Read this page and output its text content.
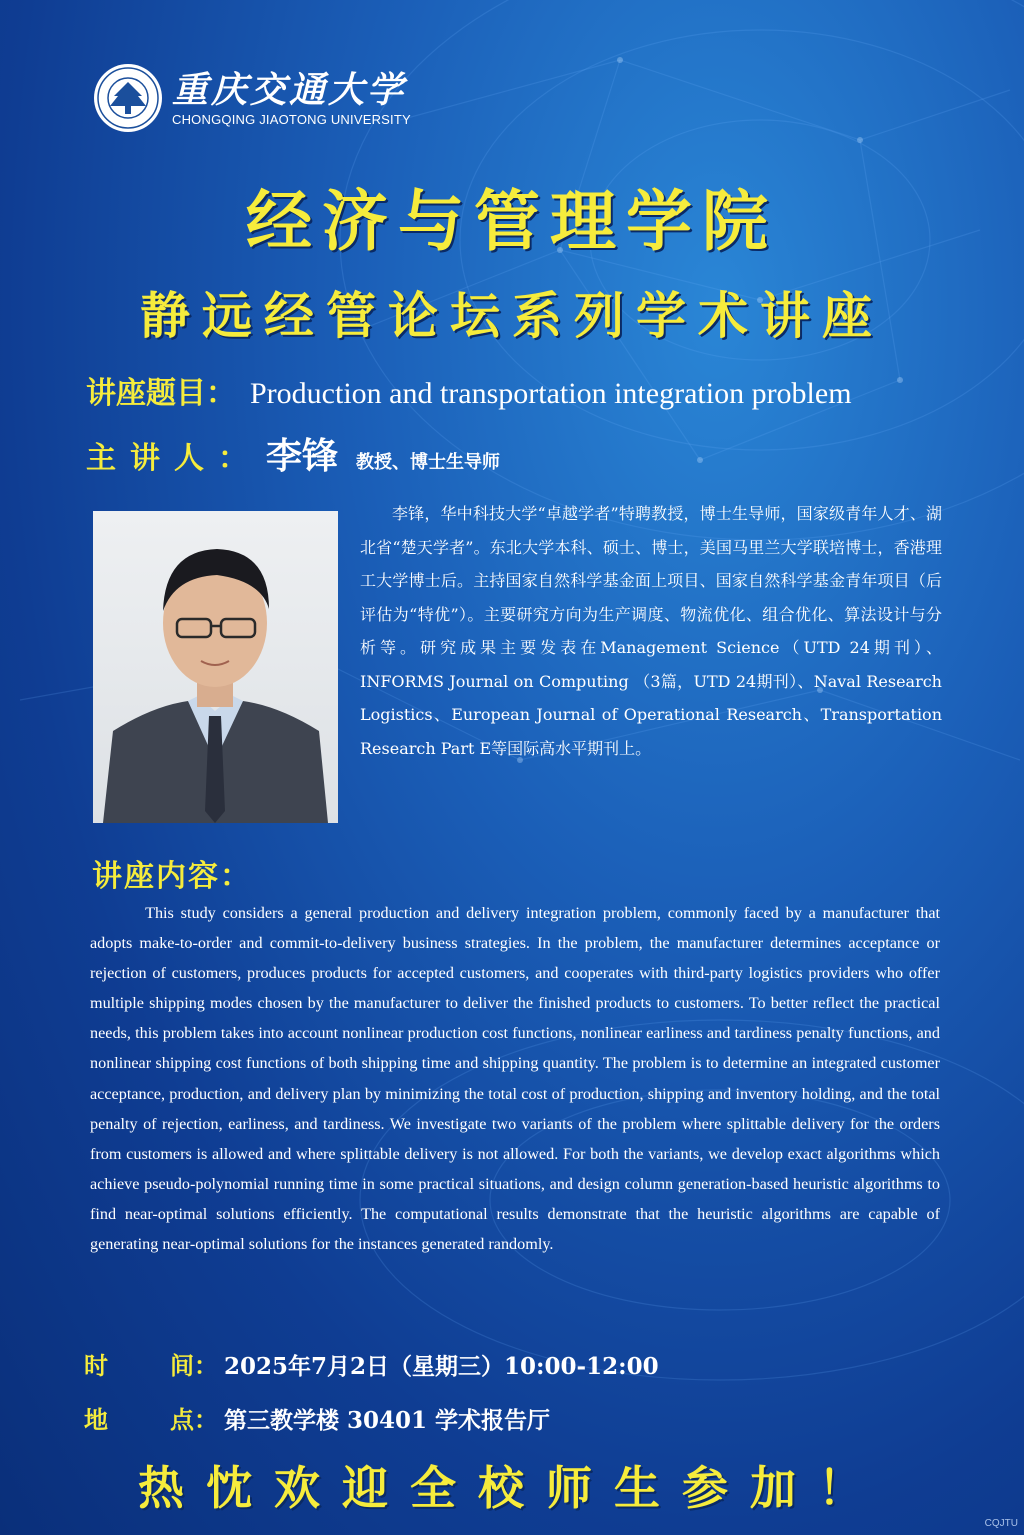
重庆交通大学
CHONGQING JIAOTONG UNIVERSITY
经济与管理学院
静远经管论坛系列学术讲座
讲座题目： Production and transportation integration problem
主讲人： 李锋 教授、博士生导师

李锋，华中科技大学“卓越学者”特聘教授，博士生导师，国家级青年人才、湖北省“楚天学者”。东北大学本科、硕士、博士，美国马里兰大学联培博士，香港理工大学博士后。主持国家自然科学基金面上项目、国家自然科学基金青年项目（后评估为“特优”）。主要研究方向为生产调度、物流优化、组合优化、算法设计与分析等。研究成果主要发表在Management Science（UTD 24期刊）、INFORMS Journal on Computing （3篇，UTD 24期刊）、Naval Research Logistics、European Journal of Operational Research、Transportation Research Part E等国际高水平期刊上。

讲座内容：

This study considers a general production and delivery integration problem, commonly faced by a manufacturer that adopts make-to-order and commit-to-delivery business strategies. In the problem, the manufacturer determines acceptance or rejection of customers, produces products for accepted customers, and cooperates with third-party logistics providers who offer multiple shipping modes chosen by the manufacturer to deliver the finished products to customers. To better reflect the practical needs, this problem takes into account nonlinear production cost functions, nonlinear earliness and tardiness penalty functions, and nonlinear shipping cost functions of both shipping time and shipping quantity. The problem is to determine an integrated customer acceptance, production, and delivery plan by minimizing the total cost of production, shipping and inventory holding, and the total penalty of rejection, earliness, and tardiness. We investigate two variants of the problem where splittable delivery for the orders from customers is allowed and where splittable delivery is not allowed. For both the variants, we develop exact algorithms which achieve pseudo-polynomial running time in some practical situations, and design column generation-based heuristic algorithms to find near-optimal solutions efficiently. The computational results demonstrate that the heuristic algorithms are capable of generating near-optimal solutions for the instances generated randomly.

时	间： 2025年7月2日（星期三）10:00-12:00
地	点： 第三教学楼 30401 学术报告厅
热忱欢迎全校师生参加！
CQJTU
